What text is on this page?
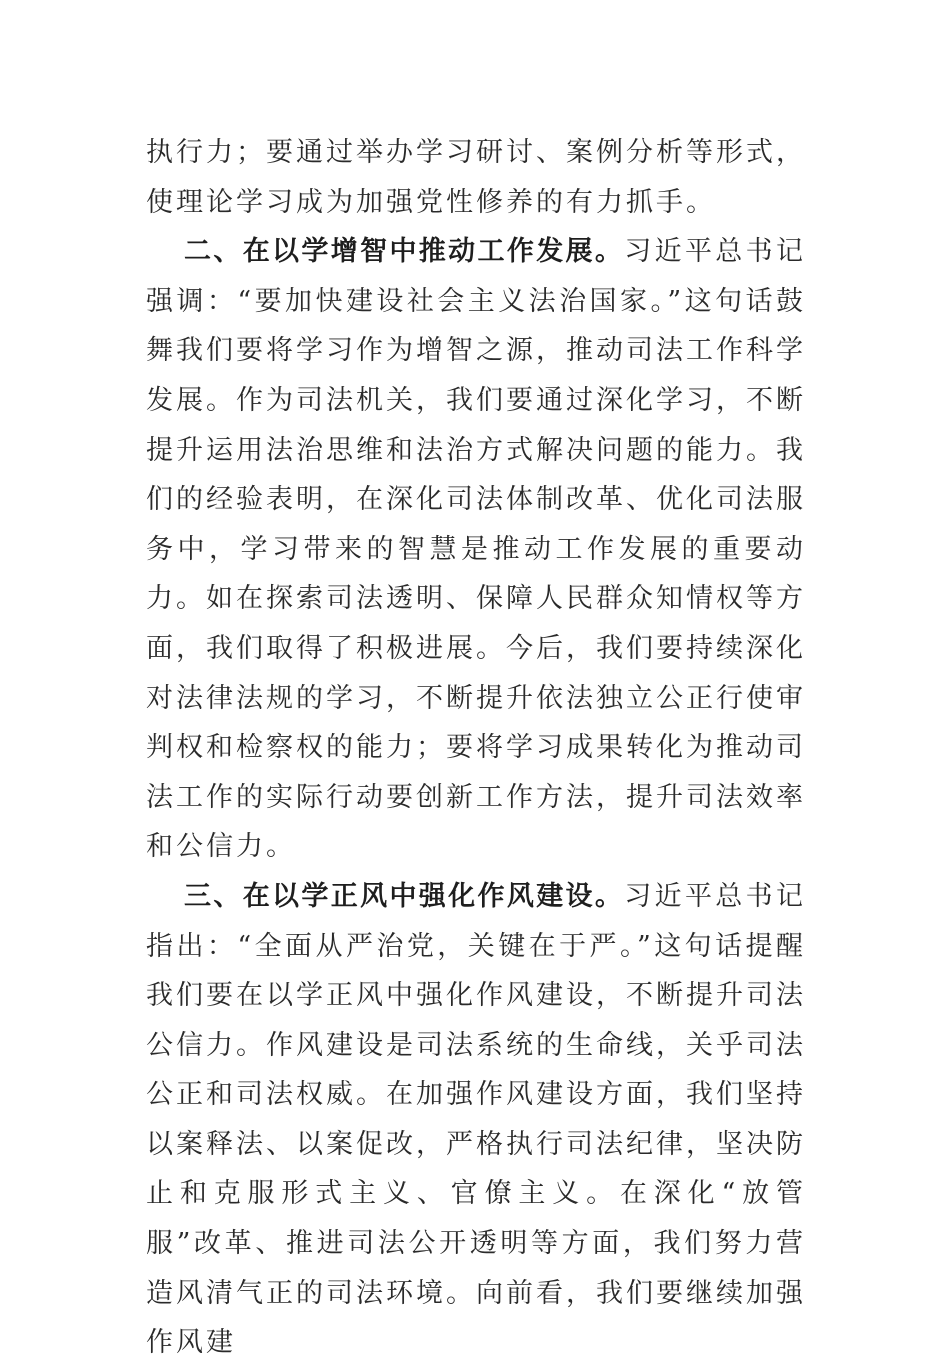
执行力；要通过举办学习研讨、案例分析等形式，使理论学习成为加强党性修养的有力抓手。

二、在以学增智中推动工作发展。习近平总书记强调：“要加快建设社会主义法治国家。”这句话鼓舞我们要将学习作为增智之源，推动司法工作科学发展。作为司法机关，我们要通过深化学习，不断提升运用法治思维和法治方式解决问题的能力。我们的经验表明，在深化司法体制改革、优化司法服务中，学习带来的智慧是推动工作发展的重要动力。如在探索司法透明、保障人民群众知情权等方面，我们取得了积极进展。今后，我们要持续深化对法律法规的学习，不断提升依法独立公正行使审判权和检察权的能力；要将学习成果转化为推动司法工作的实际行动要创新工作方法，提升司法效率和公信力。

三、在以学正风中强化作风建设。习近平总书记指出：“全面从严治党，关键在于严。”这句话提醒我们要在以学正风中强化作风建设，不断提升司法公信力。作风建设是司法系统的生命线，关乎司法公正和司法权威。在加强作风建设方面，我们坚持以案释法、以案促改，严格执行司法纪律，坚决防止和克服形式主义、官僚主义。在深化“放管服”改革、推进司法公开透明等方面，我们努力营造风清气正的司法环境。向前看，我们要继续加强作风建
